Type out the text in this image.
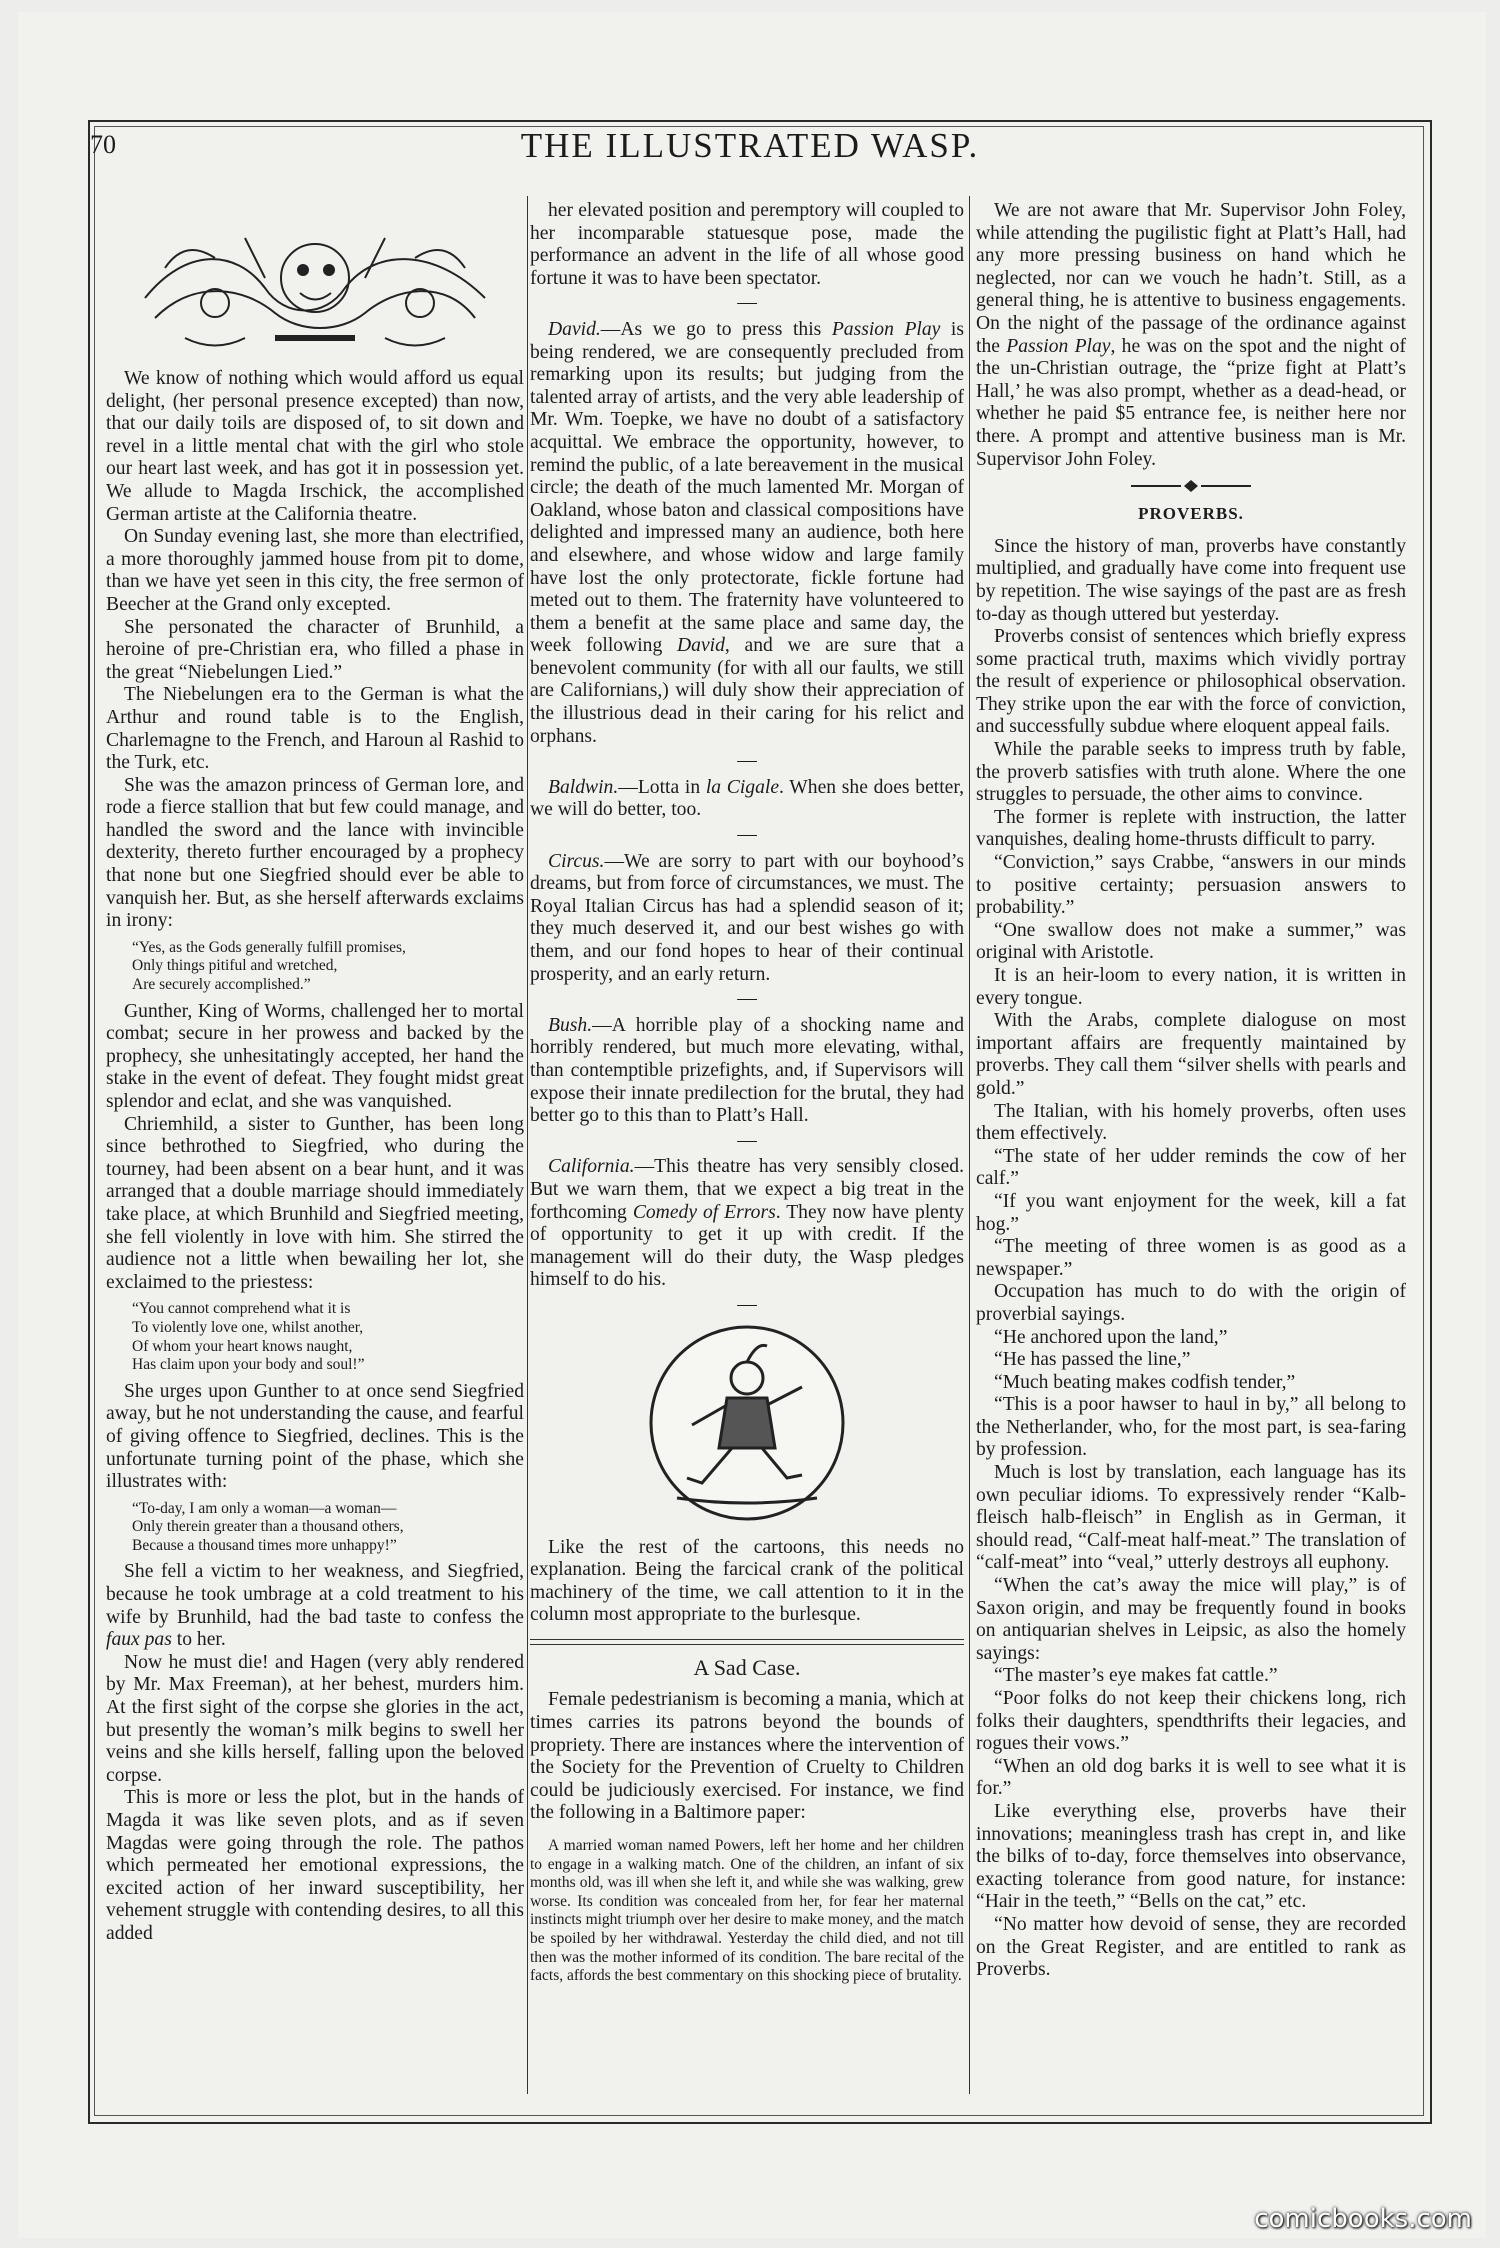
70	THE ILLUSTRATED WASP.

We know of nothing which would afford us equal delight, (her personal presence excepted) than now, that our daily toils are disposed of, to sit down and revel in a little mental chat with the girl who stole our heart last week, and has got it in possession yet. We allude to Magda Irschick, the accomplished German artiste at the California theatre.

On Sunday evening last, she more than electrified, a more thoroughly jammed house from pit to dome, than we have yet seen in this city, the free sermon of Beecher at the Grand only excepted.

She personated the character of Brunhild, a heroine of pre-Christian era, who filled a phase in the great “Niebelungen Lied.”

The Niebelungen era to the German is what the Arthur and round table is to the English, Charlemagne to the French, and Haroun al Rashid to the Turk, etc.

She was the amazon princess of German lore, and rode a fierce stallion that but few could manage, and handled the sword and the lance with invincible dexterity, thereto further encouraged by a prophecy that none but one Siegfried should ever be able to vanquish her. But, as she herself afterwards exclaims in irony:

“Yes, as the Gods generally fulfill promises,
Only things pitiful and wretched,
Are securely accomplished.”

Gunther, King of Worms, challenged her to mortal combat; secure in her prowess and backed by the prophecy, she unhesitatingly accepted, her hand the stake in the event of defeat. They fought midst great splendor and eclat, and she was vanquished.

Chriemhild, a sister to Gunther, has been long since bethrothed to Siegfried, who during the tourney, had been absent on a bear hunt, and it was arranged that a double marriage should immediately take place, at which Brunhild and Siegfried meeting, she fell violently in love with him. She stirred the audience not a little when bewailing her lot, she exclaimed to the priestess:

“You cannot comprehend what it is
To violently love one, whilst another,
Of whom your heart knows naught,
Has claim upon your body and soul!”

She urges upon Gunther to at once send Siegfried away, but he not understanding the cause, and fearful of giving offence to Siegfried, declines. This is the unfortunate turning point of the phase, which she illustrates with:

“To-day, I am only a woman—a woman—
Only therein greater than a thousand others,
Because a thousand times more unhappy!”

She fell a victim to her weakness, and Siegfried, because he took umbrage at a cold treatment to his wife by Brunhild, had the bad taste to confess the faux pas to her.

Now he must die! and Hagen (very ably rendered by Mr. Max Freeman), at her behest, murders him. At the first sight of the corpse she glories in the act, but presently the woman’s milk begins to swell her veins and she kills herself, falling upon the beloved corpse.

This is more or less the plot, but in the hands of Magda it was like seven plots, and as if seven Magdas were going through the role. The pathos which permeated her emotional expressions, the excited action of her inward susceptibility, her vehement struggle with contending desires, to all this added

her elevated position and peremptory will coupled to her incomparable statuesque pose, made the performance an advent in the life of all whose good fortune it was to have been spectator.

—

David.—As we go to press this Passion Play is being rendered, we are consequently precluded from remarking upon its results; but judging from the talented array of artists, and the very able leadership of Mr. Wm. Toepke, we have no doubt of a satisfactory acquittal. We embrace the opportunity, however, to remind the public, of a late bereavement in the musical circle; the death of the much lamented Mr. Morgan of Oakland, whose baton and classical compositions have delighted and impressed many an audience, both here and elsewhere, and whose widow and large family have lost the only protectorate, fickle fortune had meted out to them. The fraternity have volunteered to them a benefit at the same place and same day, the week following David, and we are sure that a benevolent community (for with all our faults, we still are Californians,) will duly show their appreciation of the illustrious dead in their caring for his relict and orphans.

—

Baldwin.—Lotta in la Cigale. When she does better, we will do better, too.

—

Circus.—We are sorry to part with our boyhood’s dreams, but from force of circumstances, we must. The Royal Italian Circus has had a splendid season of it; they much deserved it, and our best wishes go with them, and our fond hopes to hear of their continual prosperity, and an early return.

—

Bush.—A horrible play of a shocking name and horribly rendered, but much more elevating, withal, than contemptible prizefights, and, if Supervisors will expose their innate predilection for the brutal, they had better go to this than to Platt’s Hall.

—

California.—This theatre has very sensibly closed. But we warn them, that we expect a big treat in the forthcoming Comedy of Errors. They now have plenty of opportunity to get it up with credit. If the management will do their duty, the Wasp pledges himself to do his.

—

Like the rest of the cartoons, this needs no explanation. Being the farcical crank of the political machinery of the time, we call attention to it in the column most appropriate to the burlesque.

A Sad Case.

Female pedestrianism is becoming a mania, which at times carries its patrons beyond the bounds of propriety. There are instances where the intervention of the Society for the Prevention of Cruelty to Children could be judiciously exercised. For instance, we find the following in a Baltimore paper:

A married woman named Powers, left her home and her children to engage in a walking match. One of the children, an infant of six months old, was ill when she left it, and while she was walking, grew worse. Its condition was concealed from her, for fear her maternal instincts might triumph over her desire to make money, and the match be spoiled by her withdrawal. Yesterday the child died, and not till then was the mother informed of its condition. The bare recital of the facts, affords the best commentary on this shocking piece of brutality.

We are not aware that Mr. Supervisor John Foley, while attending the pugilistic fight at Platt’s Hall, had any more pressing business on hand which he neglected, nor can we vouch he hadn’t. Still, as a general thing, he is attentive to business engagements. On the night of the passage of the ordinance against the Passion Play, he was on the spot and the night of the un-Christian outrage, the “prize fight at Platt’s Hall,’ he was also prompt, whether as a dead-head, or whether he paid $5 entrance fee, is neither here nor there. A prompt and attentive business man is Mr. Supervisor John Foley.

PROVERBS.

Since the history of man, proverbs have constantly multiplied, and gradually have come into frequent use by repetition. The wise sayings of the past are as fresh to-day as though uttered but yesterday.

Proverbs consist of sentences which briefly express some practical truth, maxims which vividly portray the result of experience or philosophical observation. They strike upon the ear with the force of conviction, and successfully subdue where eloquent appeal fails.

While the parable seeks to impress truth by fable, the proverb satisfies with truth alone. Where the one struggles to persuade, the other aims to convince.

The former is replete with instruction, the latter vanquishes, dealing home-thrusts difficult to parry.

“Conviction,” says Crabbe, “answers in our minds to positive certainty; persuasion answers to probability.”

“One swallow does not make a summer,” was original with Aristotle.

It is an heir-loom to every nation, it is written in every tongue.

With the Arabs, complete dialoguse on most important affairs are frequently maintained by proverbs. They call them “silver shells with pearls and gold.”

The Italian, with his homely proverbs, often uses them effectively.

“The state of her udder reminds the cow of her calf.”

“If you want enjoyment for the week, kill a fat hog.”

“The meeting of three women is as good as a newspaper.”

Occupation has much to do with the origin of proverbial sayings.

“He anchored upon the land,”

“He has passed the line,”

“Much beating makes codfish tender,”

“This is a poor hawser to haul in by,” all belong to the Netherlander, who, for the most part, is sea-faring by profession.

Much is lost by translation, each language has its own peculiar idioms. To expressively render “Kalb-fleisch halb-fleisch” in English as in German, it should read, “Calf-meat half-meat.” The translation of “calf-meat” into “veal,” utterly destroys all euphony.

“When the cat’s away the mice will play,” is of Saxon origin, and may be frequently found in books on antiquarian shelves in Leipsic, as also the homely sayings:

“The master’s eye makes fat cattle.”

“Poor folks do not keep their chickens long, rich folks their daughters, spendthrifts their legacies, and rogues their vows.”

“When an old dog barks it is well to see what it is for.”

Like everything else, proverbs have their innovations; meaningless trash has crept in, and like the bilks of to-day, force themselves into observance, exacting tolerance from good nature, for instance: “Hair in the teeth,” “Bells on the cat,” etc.

“No matter how devoid of sense, they are recorded on the Great Register, and are entitled to rank as Proverbs.

comicbooks.com
